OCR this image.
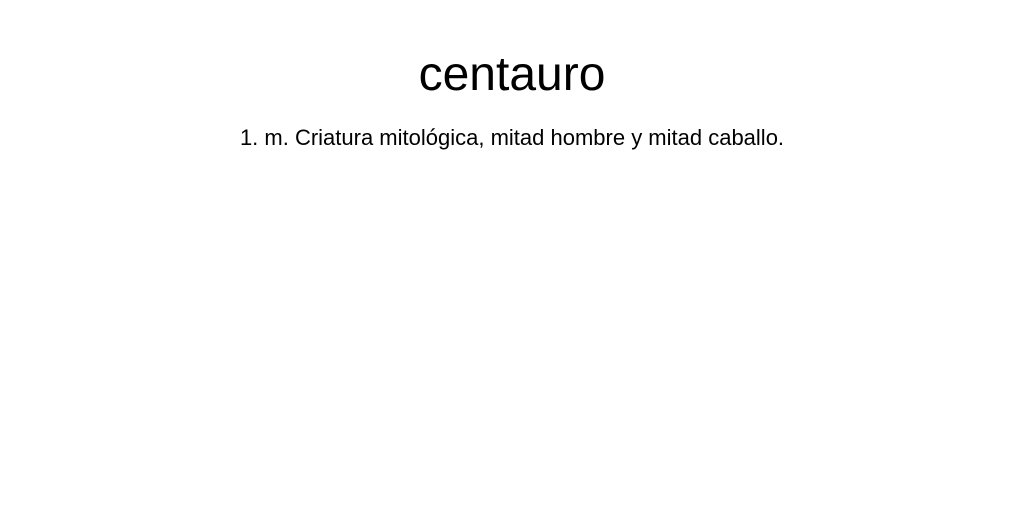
centauro

1. m. Criatura mitológica, mitad hombre y mitad caballo.
